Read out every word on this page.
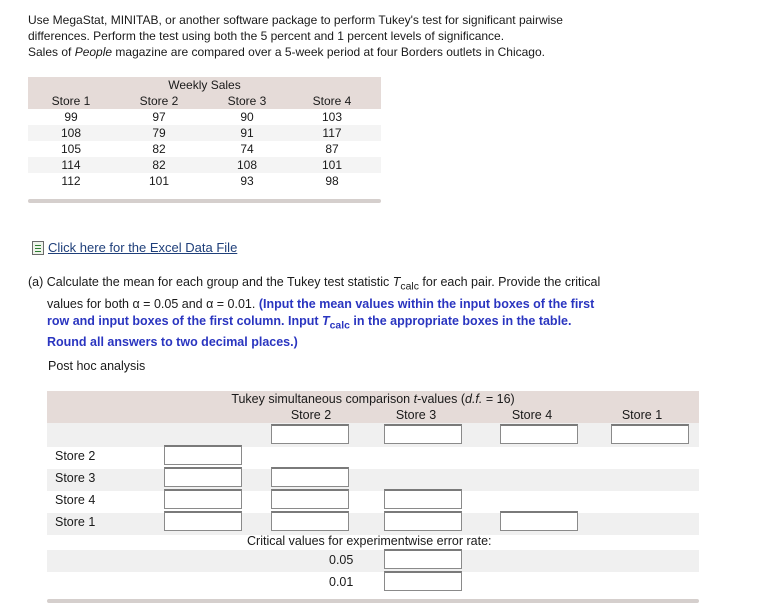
Use MegaStat, MINITAB, or another software package to perform Tukey's test for significant pairwise

differences. Perform the test using both the 5 percent and 1 percent levels of significance.

Sales of People magazine are compared over a 5-week period at four Borders outlets in Chicago.

Weekly Sales
Store 1	Store 2	Store 3	Store 4
99	97	90	103
108	79	91	117
105	82	74	87
114	82	108	101
112	101	93	98
Click here for the Excel Data File
(a) Calculate the mean for each group and the Tukey test statistic $T_{calc}$ for each pair. Provide the critical
values for both α = 0.05 and α = 0.01. (Input the mean values within the input boxes of the first
row and input boxes of the first column. Input $T_{calc}$ in the appropriate boxes in the table.
Round all answers to two decimal places.)
Post hoc analysis
Tukey simultaneous comparison t-values (d.f. = 16)
Store 2	Store 3	Store 4	Store 1
Store 2
Store 3
Store 4
Store 1
Critical values for experimentwise error rate:
0.05
0.01
